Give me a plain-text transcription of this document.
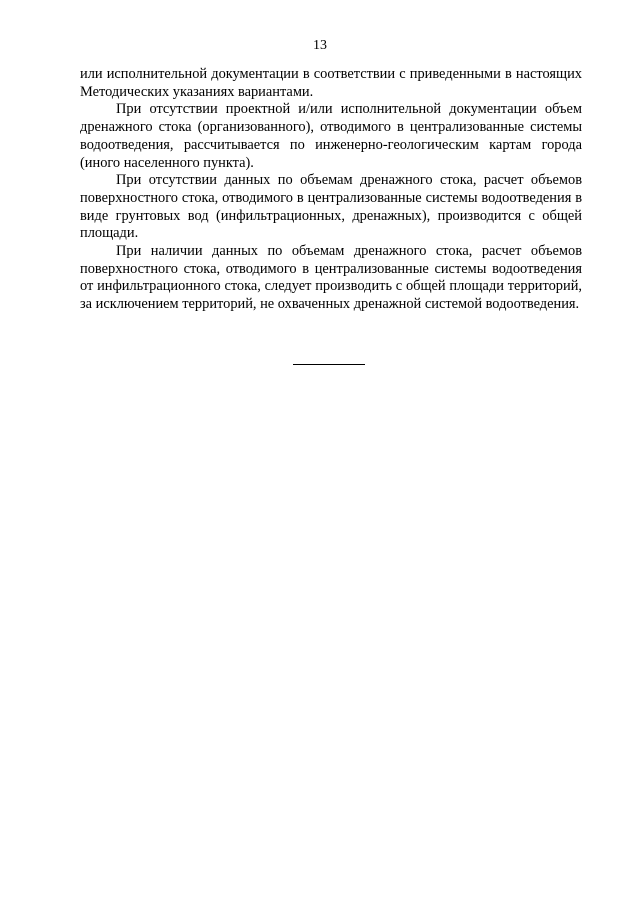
13

или исполнительной документации в соответствии с приведенными в настоящих Методических указаниях вариантами.

При отсутствии проектной и/или исполнительной документации объем дренажного стока (организованного), отводимого в централизованные системы водоотведения, рассчитывается по инженерно-геологическим картам города (иного населенного пункта).

При отсутствии данных по объемам дренажного стока, расчет объемов поверхностного стока, отводимого в централизованные системы водоотведения в виде грунтовых вод (инфильтрационных, дренажных), производится с общей площади.

При наличии данных по объемам дренажного стока, расчет объемов поверхностного стока, отводимого в централизованные системы водоотведения от инфильтрационного стока, следует производить с общей площади территорий, за исключением территорий, не охваченных дренажной системой водоотведения.
